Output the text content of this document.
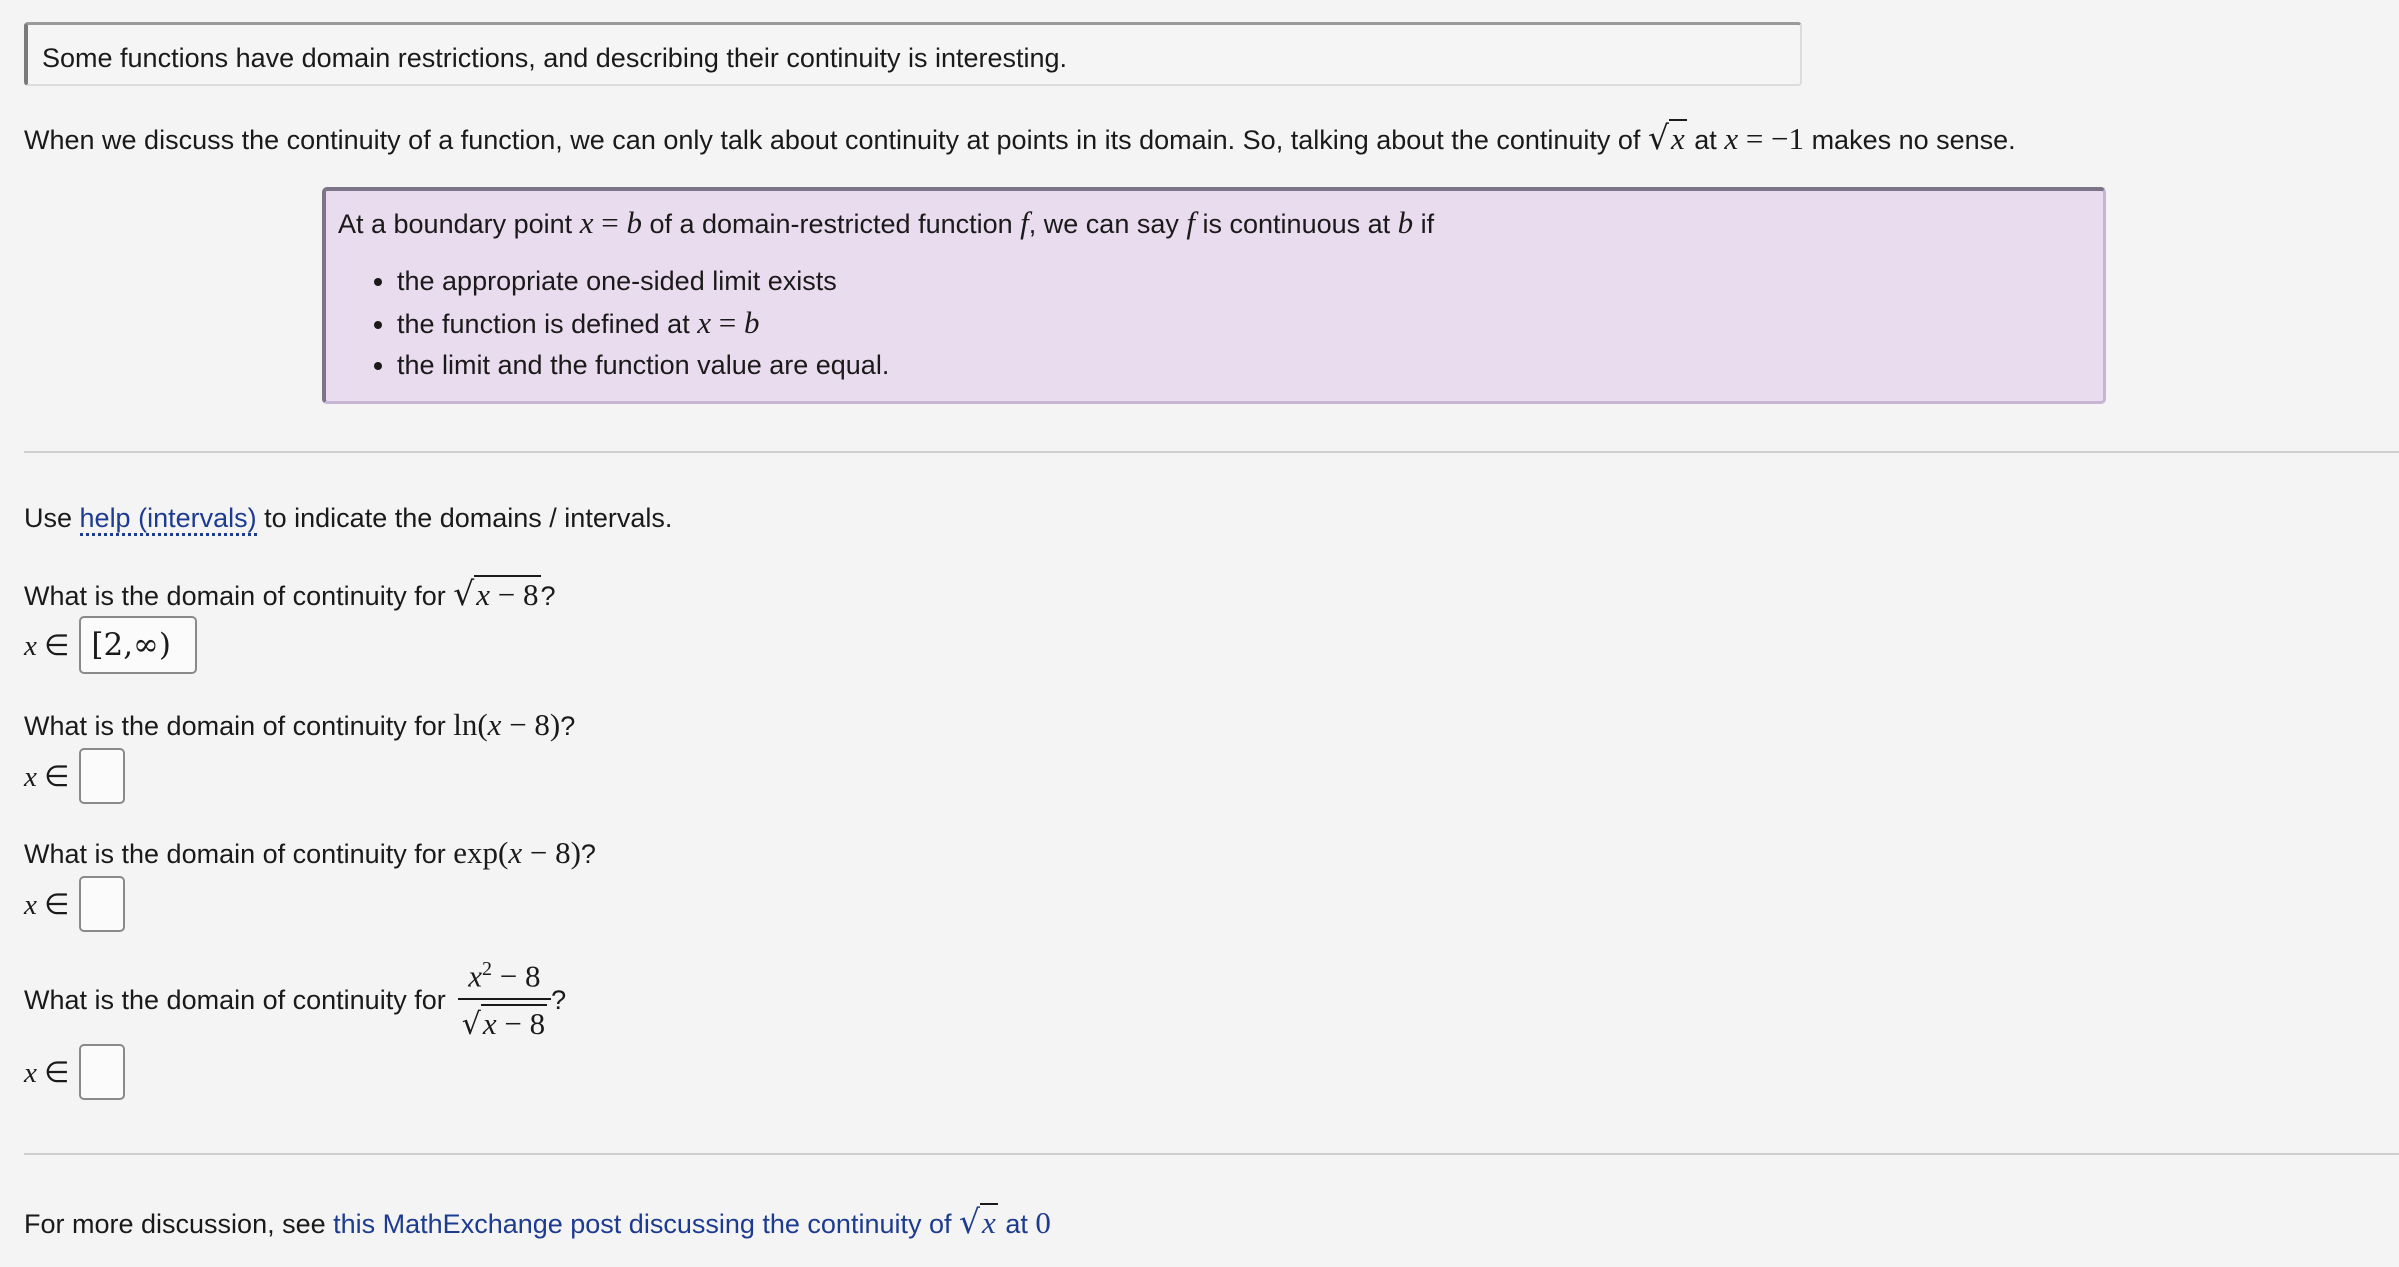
Some functions have domain restrictions, and describing their continuity is interesting.
When we discuss the continuity of a function, we can only talk about continuity at points in its domain. So, talking about the continuity of √x at x = −1 makes no sense.
At a boundary point x = b of a domain-restricted function f, we can say f is continuous at b if
• the appropriate one-sided limit exists
• the function is defined at x = b
• the limit and the function value are equal.
Use help (intervals) to indicate the domains / intervals.
What is the domain of continuity for √x − 8?
x ∈ [2,∞)
What is the domain of continuity for ln(x − 8)?
x ∈
What is the domain of continuity for exp(x − 8)?
x ∈
What is the domain of continuity for $\frac{x^2 - 8}{√x - 8}$ ?
x ∈
For more discussion, see this MathExchange post discussing the continuity of √x at 0
